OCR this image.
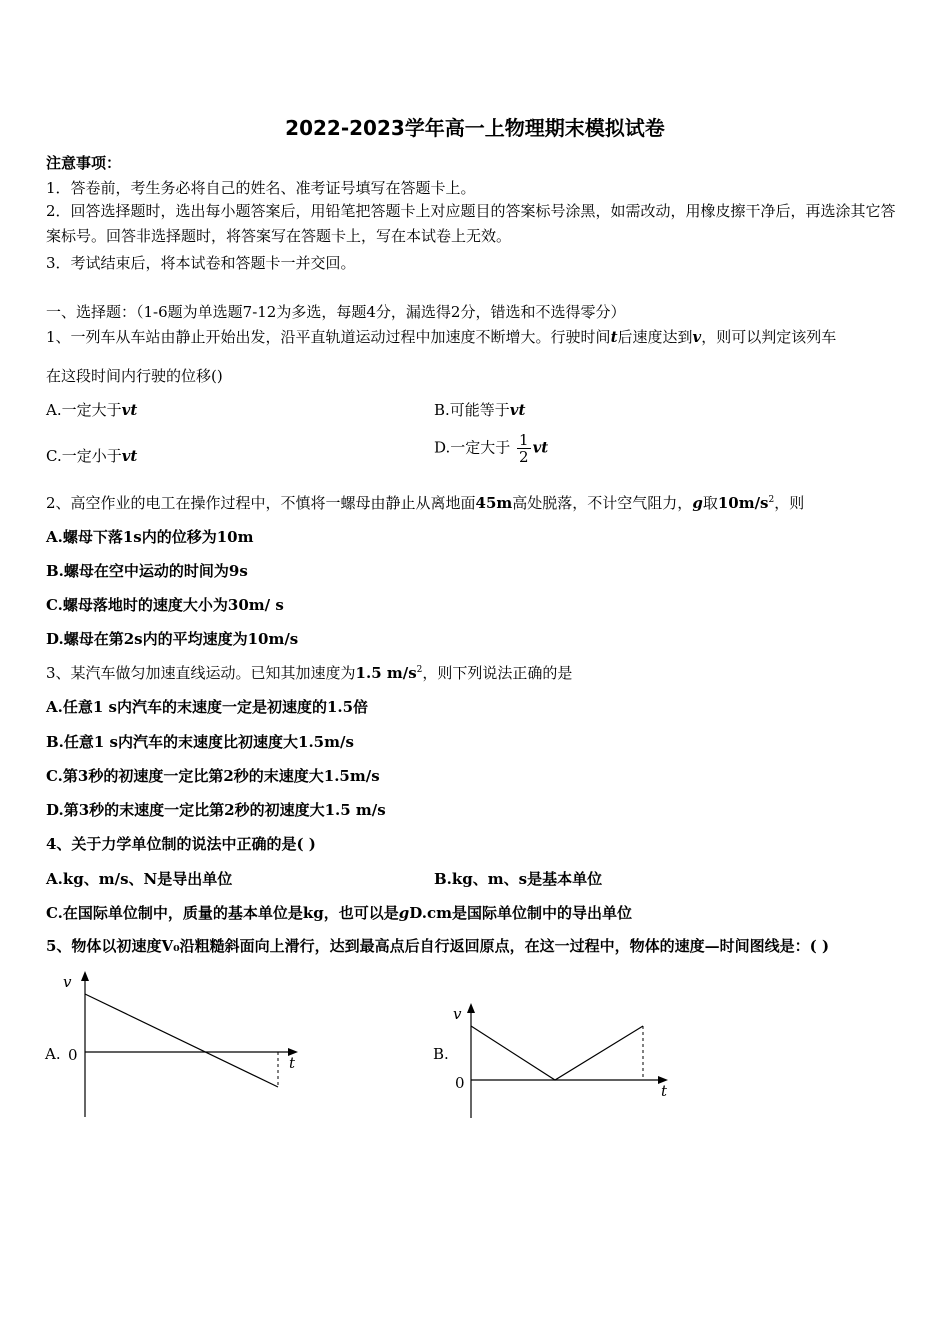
2022-2023学年高一上物理期末模拟试卷
注意事项：
1．答卷前，考生务必将自己的姓名、准考证号填写在答题卡上。
2．回答选择题时，选出每小题答案后，用铅笔把答题卡上对应题目的答案标号涂黑，如需改动，用橡皮擦干净后，再选涂其它答案标号。回答非选择题时，将答案写在答题卡上，写在本试卷上无效。
3．考试结束后，将本试卷和答题卡一并交回。
一、选择题：（1-6题为单选题7-12为多选，每题4分，漏选得2分，错选和不选得零分）
1、一列车从车站由静止开始出发，沿平直轨道运动过程中加速度不断增大。行驶时间t后速度达到v，则可以判定该列车
在这段时间内行驶的位移()
A.一定大于vt	B.可能等于vt
C.一定小于vt	D.一定大于 $\frac{1}{2}$ vt
2、高空作业的电工在操作过程中，不慎将一螺母由静止从离地面45m高处脱落，不计空气阻力，g取$10m/s^2$，则
A.螺母下落1s内的位移为10m
B.螺母在空中运动的时间为9s
C.螺母落地时的速度大小为30m/ s
D.螺母在第2s内的平均速度为10m/s
3、某汽车做匀加速直线运动。已知其加速度为1.5 $m/s^2$，则下列说法正确的是
A.任意1 s内汽车的末速度一定是初速度的1.5倍
B.任意1 s内汽车的末速度比初速度大1.5m/s
C.第3秒的初速度一定比第2秒的末速度大1.5m/s
D.第3秒的末速度一定比第2秒的初速度大1.5 m/s
4、关于力学单位制的说法中正确的是( )
A.kg、m/s、N是导出单位	B.kg、m、s是基本单位
C.在国际单位制中，质量的基本单位是kg，也可以是gD.cm是国际单位制中的导出单位
5、物体以初速度V₀沿粗糙斜面向上滑行，达到最高点后自行返回原点，在这一过程中，物体的速度—时间图线是：( )
A.
v
0	t	B.
v
0	t
